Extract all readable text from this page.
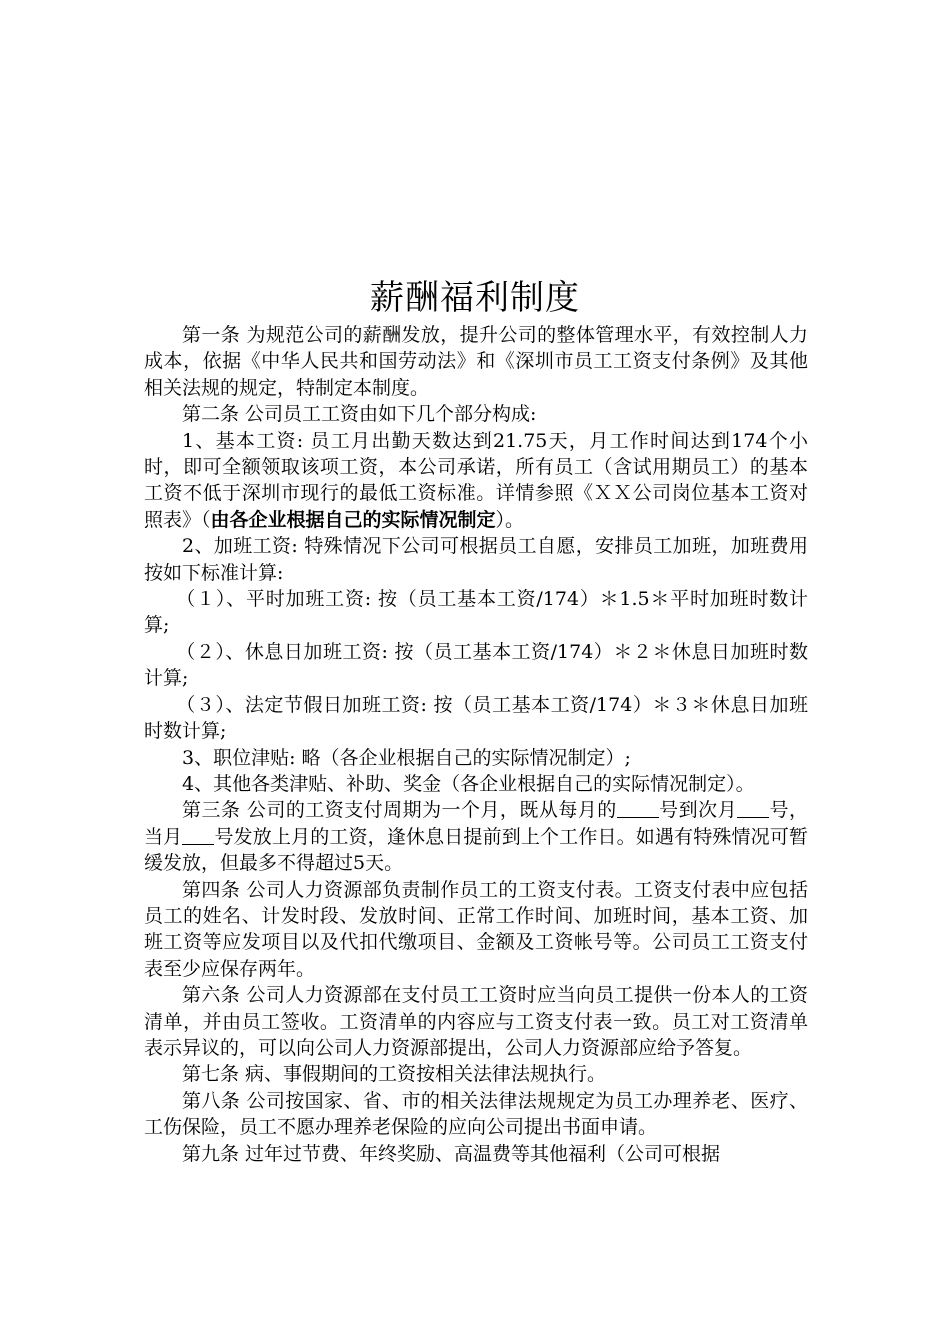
薪酬福利制度

第一条 为规范公司的薪酬发放，提升公司的整体管理水平，有效控制人力成本，依据《中华人民共和国劳动法》和《深圳市员工工资支付条例》及其他相关法规的规定，特制定本制度。

第二条 公司员工工资由如下几个部分构成:

1、基本工资: 员工月出勤天数达到21.75天，月工作时间达到174个小时，即可全额领取该项工资，本公司承诺，所有员工（含试用期员工）的基本工资不低于深圳市现行的最低工资标准。详情参照《ＸＸ公司岗位基本工资对照表》（由各企业根据自己的实际情况制定）。

2、加班工资: 特殊情况下公司可根据员工自愿，安排员工加班，加班费用按如下标准计算:

（１）、平时加班工资: 按（员工基本工资/174）＊1.5＊平时加班时数计算;

（２）、休息日加班工资: 按（员工基本工资/174）＊２＊休息日加班时数计算;

（３）、法定节假日加班工资: 按（员工基本工资/174）＊３＊休息日加班时数计算;

3、职位津贴: 略（各企业根据自己的实际情况制定）;

4、其他各类津贴、补助、奖金（各企业根据自己的实际情况制定）。

第三条 公司的工资支付周期为一个月，既从每月的 号到次月 号，当月 号发放上月的工资，逢休息日提前到上个工作日。如遇有特殊情况可暂缓发放，但最多不得超过5天。

第四条 公司人力资源部负责制作员工的工资支付表。工资支付表中应包括员工的姓名、计发时段、发放时间、正常工作时间、加班时间，基本工资、加班工资等应发项目以及代扣代缴项目、金额及工资帐号等。公司员工工资支付表至少应保存两年。

第六条 公司人力资源部在支付员工工资时应当向员工提供一份本人的工资清单，并由员工签收。工资清单的内容应与工资支付表一致。员工对工资清单表示异议的，可以向公司人力资源部提出，公司人力资源部应给予答复。

第七条 病、事假期间的工资按相关法律法规执行。

第八条 公司按国家、省、市的相关法律法规规定为员工办理养老、医疗、工伤保险，员工不愿办理养老保险的应向公司提出书面申请。

第九条 过年过节费、年终奖励、高温费等其他福利（公司可根据
